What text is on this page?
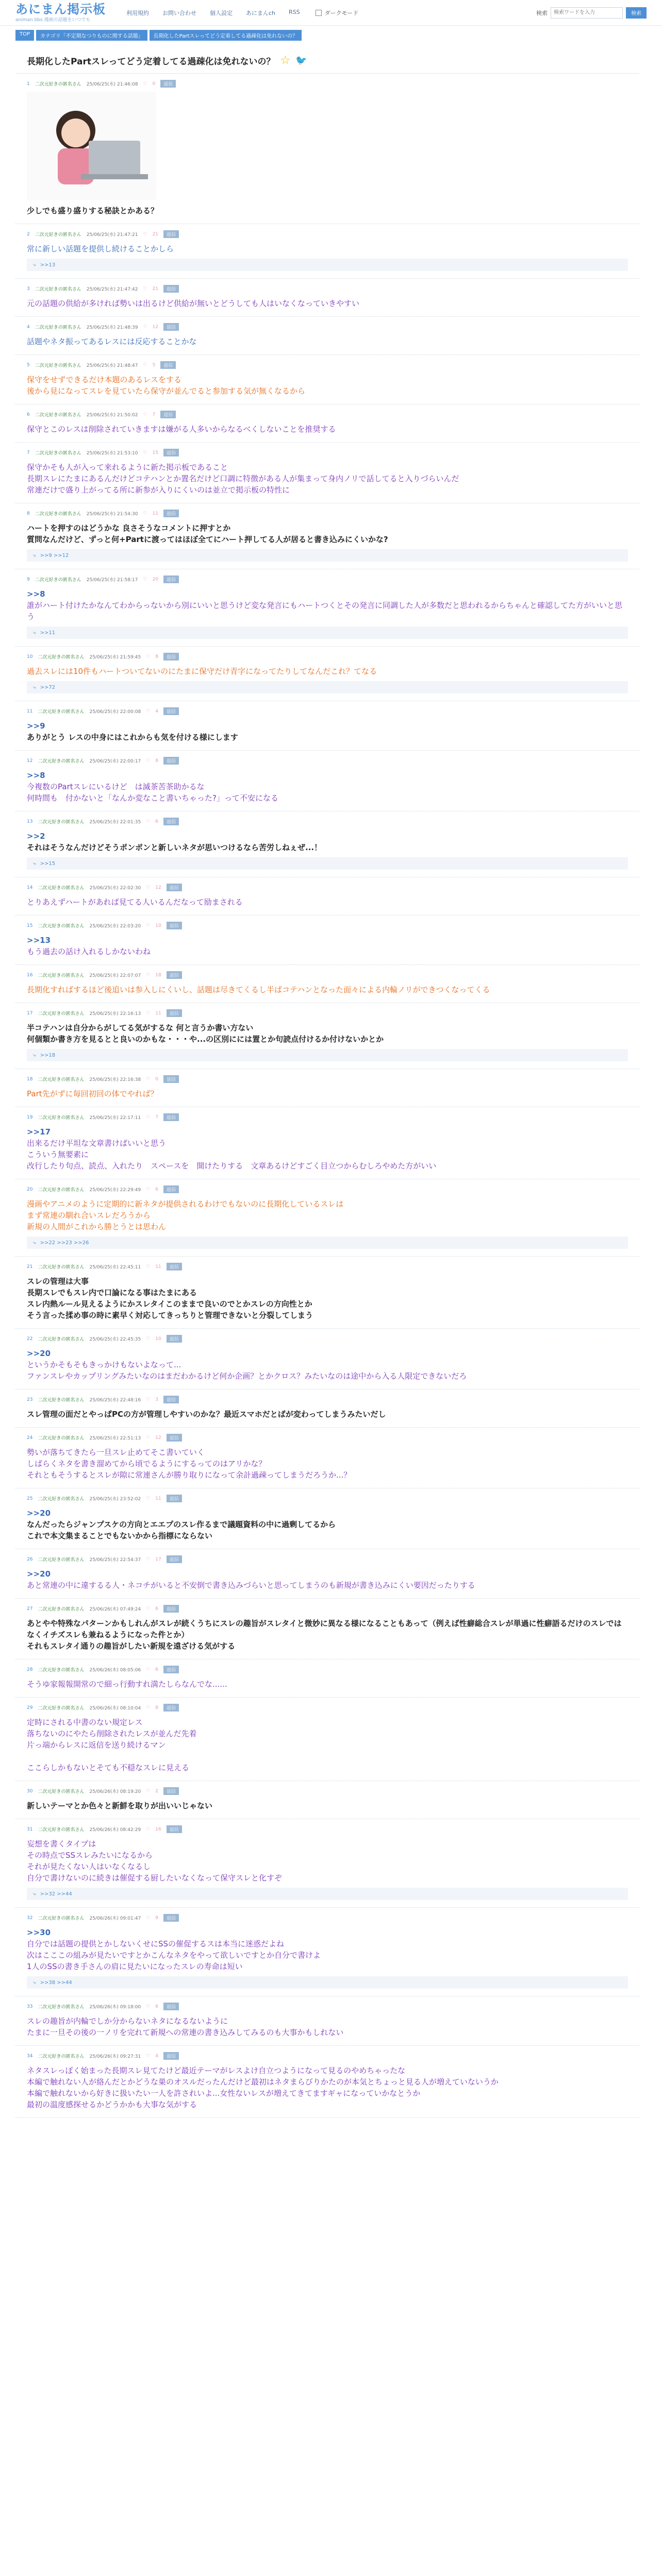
あにまん掲示板
animan bbs 漫画の話題をいつでも
利用規約 お問い合わせ 個人設定 あにまんch RSS	ダークモード	検索
検索ワードを入力	検索
TOP	カテゴリ「不定期なつりものに関する話題」	長期化したPartスレってどう定着してる過疎化は免れないの？
長期化したPartスレってどう定着してる過疎化は免れないの？ ☆ 🐦
1 二次元好きの匿名さん 25/06/25(水) 21:46:08 ♡ 0	返信
少しでも盛り盛りする秘訣とかある？
2 二次元好きの匿名さん 25/06/25(水) 21:47:21 ♡ 21	返信
常に新しい話題を提供し続けることかしら
⤷ >>13
3 二次元好きの匿名さん 25/06/25(水) 21:47:42 ♡ 21	返信
元の話題の供給が多ければ勢いは出るけど供給が無いとどうしても人はいなくなっていきやすい
4 二次元好きの匿名さん 25/06/25(水) 21:48:39 ♡ 12	返信
話題やネタ振ってあるレスには反応することかな
5 二次元好きの匿名さん 25/06/25(水) 21:48:47 ♡ 5	返信
保守をせずできるだけ本題のあるレスをする
後から見になってスレを見ていたら保守が並んでると参加する気が無くなるから
6 二次元好きの匿名さん 25/06/25(水) 21:50:02 ♡ 7	返信
保守とこのレスは削除されていきますは嫌がる人多いからなるべくしないことを推奨する
7 二次元好きの匿名さん 25/06/25(水) 21:53:10 ♡ 15	返信
保守かそも人が入って来れるように新た掲示板であること
長期スレにたまにあるんだけどコテハンとか置名だけど口調に特徴がある人が集まって身内ノリで話してると入りづらいんだ
常連だけで盛り上がってる所に新参が入りにくいのは並立で掲示板の特性に
8 二次元好きの匿名さん 25/06/25(水) 21:54:30 ♡ 11	返信
ハートを押すのはどうかな 良さそうなコメントに押すとか
質問なんだけど、ずっと何+Partに渡ってはほぼ全てにハート押してる人が居ると書き込みにくいかな?
⤷ >>9 >>12
9 二次元好きの匿名さん 25/06/25(水) 21:58:17 ♡ 20	返信
>>8
誰がハート付けたかなんてわからっないから別にいいと思うけど変な発言にもハートつくとその発言に同調した人が多数だと思われるからちゃんと確認してた方がいいと思う
⤷ >>11
10 二次元好きの匿名さん 25/06/25(水) 21:59:45 ♡ 8	返信
過去スレには10件もハートついてないのにたまに保守だけ青字になってたりしてなんだこれ？てなる
⤷ >>72
11 二次元好きの匿名さん 25/06/25(水) 22:00:08 ♡ 4	返信
>>9
ありがとう レスの中身にはこれからも気を付ける様にします
12 二次元好きの匿名さん 25/06/25(水) 22:00:17 ♡ 8	返信
>>8
今複数のPartスレにいるけど　は滅茶苦茶助かるな
何時間も　付かないと「なんか変なこと書いちゃった?」って不安になる
13 二次元好きの匿名さん 25/06/25(水) 22:01:35 ♡ 6	返信
>>2
それはそうなんだけどそうポンポンと新しいネタが思いつけるなら苦労しねぇぜ...！
⤷ >>15
14 二次元好きの匿名さん 25/06/25(水) 22:02:30 ♡ 12	返信
とりあえずハートがあれば見てる人いるんだなって励まされる
15 二次元好きの匿名さん 25/06/25(水) 22:03:20 ♡ 10	返信
>>13
もう過去の話け入れるしかないわね
16 二次元好きの匿名さん 25/06/25(水) 22:07:07 ♡ 18	返信
長期化すればするほど後追いは参入しにくいし、話題は尽きてくるし半ばコテハンとなった面々による内輪ノリができつくなってくる
17 二次元好きの匿名さん 25/06/25(水) 22:16:13 ♡ 11	返信
半コテハンは自分からがしてる気がするな 何と言うか書い方ない
何個類か書き方を見るとと良いのかもな・・・や...の区別にには置とか句読点付けるか付けないかとか
⤷ >>18
18 二次元好きの匿名さん 25/06/25(水) 22:16:38 ♡ 0	返信
Part先がずに毎回初回の体でやれば？
19 二次元好きの匿名さん 25/06/25(水) 22:17:11 ♡ 7	返信
>>17
出来るだけ平坦な文章書けばいいと思う
こういう無要素に
改行したり句点、読点、入れたり　スペースを　開けたりする　文章あるけどすごく目立つからむしろやめた方がいい
20 二次元好きの匿名さん 25/06/25(水) 22:29:49 ♡ 6	返信
漫画やアニメのように定期的に新ネタが提供されるわけでもないのに長期化しているスレは
まず常連の馴れ合いスレだろうから
新規の人間がこれから勝とうとは思わん
⤷ >>22 >>23 >>26
21 二次元好きの匿名さん 25/06/25(水) 22:45:11 ♡ 11	返信
スレの管理は大事
長期スレでもスレ内で口論になる事はたまにある
スレ内熱ルール見えるようにかスレタイこのままで良いのでとかスレの方向性とか
そう言った揉め事の時に素早く対応してきっちりと管理できないと分裂してしまう
22 二次元好きの匿名さん 25/06/25(水) 22:45:35 ♡ 10	返信
>>20
というかそもそもきっかけもないよなって...
ファンスレやカップリングみたいなのはまだわかるけど何か企画？とかクロス？みたいなのは途中から入る人限定できないだろ
23 二次元好きの匿名さん 25/06/25(水) 22:48:16 ♡ 3	返信
スレ管理の面だとやっぱPCの方が管理しやすいのかな？最近スマホだとばが変わってしまうみたいだし
24 二次元好きの匿名さん 25/06/25(水) 22:51:13 ♡ 12	返信
勢いが落ちてきたら一旦スレ止めてそこ書いていく
しばらくネタを書き溜めてから頃でるようにするってのはアリかな？
それともそうするとスレが隙に常連さんが勝り取りになって余計過疎ってしまうだろうか...？
25 二次元好きの匿名さん 25/06/25(水) 23:52:02 ♡ 11	返信
>>20
なんだったらジャンプスケの方向とエエプのスレ作るまで議題資料の中に過剰してるから
これで本文集まることでもないかから指標にならない
26 二次元好きの匿名さん 25/06/25(水) 22:54:37 ♡ 17	返信
>>20
あと常連の中に違するる人・ネコチがいると不安倒で書き込みづらいと思ってしまうのも新規が書き込みにくい要因だったりする
27 二次元好きの匿名さん 25/06/26(木) 07:49:24 ♡ 6	返信
あとやや特殊なパターンかもしれんがスレが続くうちにスレの趣旨がスレタイと微妙に異なる様になることもあって（例えば性癖総合スレが単過に性癖語るだけのスレではなくイチズスレも兼ねるようになった件とか）
それもスレタイ通りの趣旨がしたい新規を遠ざける気がする
28 二次元好きの匿名さん 25/06/26(木) 08:05:06 ♡ 6	返信
そうゆ家報報開常ので細っ行動すれ満たしらなんでな......
29 二次元好きの匿名さん 25/06/26(木) 08:10:04 ♡ 8	返信
定時にされる中書のない規定レス
落ちないのにやたら削除されたレスが並んだ先着
片っ端からレスに返信を送り続けるマン

ここらしかもないとそても不穏なスレに見える
30 二次元好きの匿名さん 25/06/26(木) 08:19:20 ♡ 2	返信
新しいテーマとか色々と新鮮を取りが出いいじゃない
31 二次元好きの匿名さん 25/06/26(木) 08:42:29 ♡ 16	返信
妄想を書くタイプは
その時点でSSスレみたいになるから
それが見たくない人はいなくなるし
自分で書けないのに続きは催促する厨したいなくなって保守スレと化すぞ
⤷ >>32 >>44
32 二次元好きの匿名さん 25/06/26(木) 09:01:47 ♡ 9	返信
>>30
自分では話題の提供とかしないくせにSSの催促するスは本当に迷惑だよね
次はこここの組みが見たいですとかこんなネタをやって欲しいですとか自分で書けよ
1人のSSの書き手さんの肩に見たいになったスレの寿命は短い
⤷ >>38 >>44
33 二次元好きの匿名さん 25/06/26(木) 09:18:00 ♡ 6	返信
スレの趣旨が内輪でしか分からないネタになるないように
たまに一旦その後の一ノリを完れて新規への常連の書き込みしてみるのも大事かもしれない
34 二次元好きの匿名さん 25/06/26(木) 09:27:31 ♡ 4	返信
ネタスレっぽく始まった長期スレ見てたけど最近テーマがレスよけ自立つようになって見るのやめちゃったな
本編で触れない人が絡んだとかどうな巣のオスルだったんだけど最初はネタまらびりかたのが本気とちょっと見る人が増えていないうか
本編で触れないから好きに扱いたい一人を許されいよ...女性ないレスが増えてきてますギャになっていかなとうか
最初の温度感探せるかどうかかも大事な気がする
